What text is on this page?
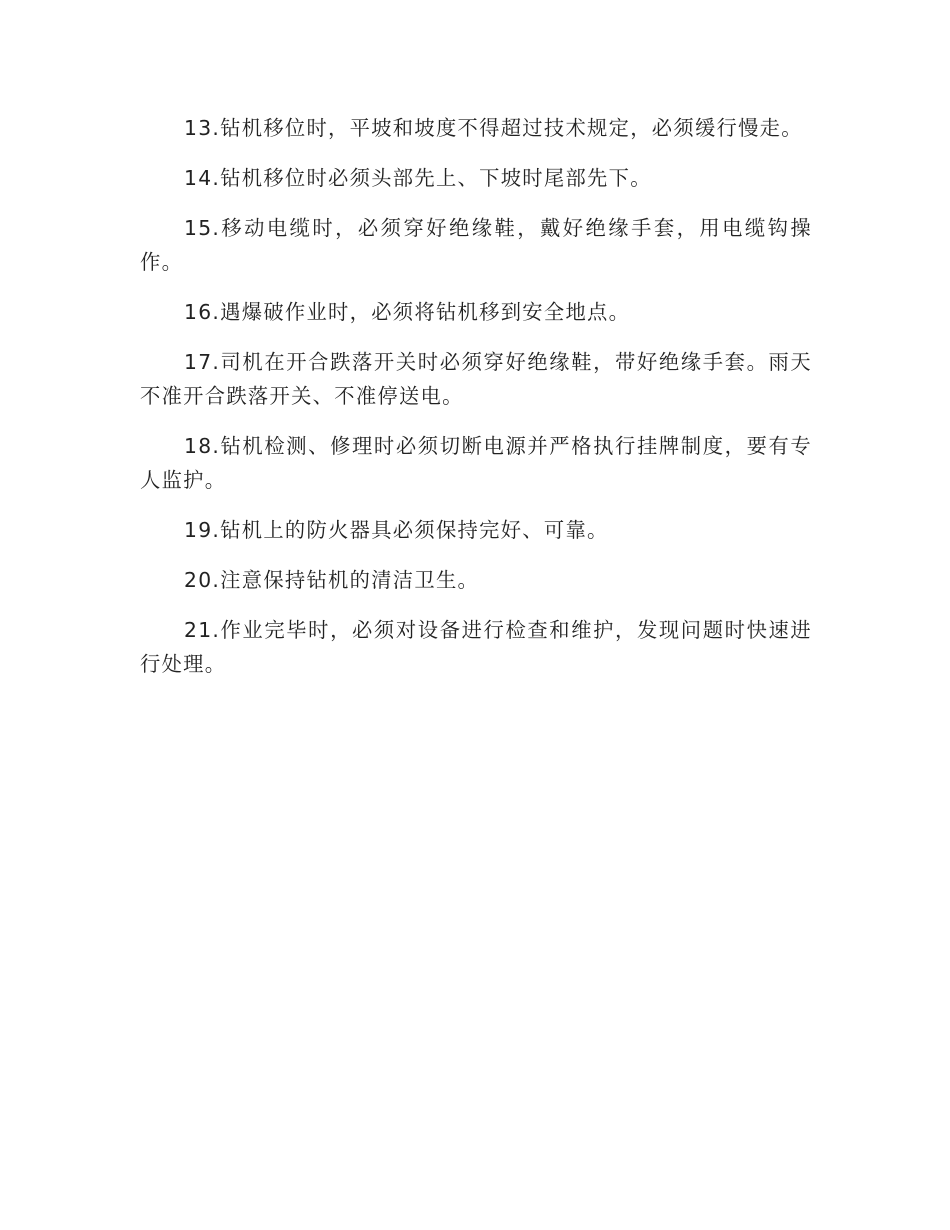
13.钻机移位时，平坡和坡度不得超过技术规定，必须缓行慢走。

14.钻机移位时必须头部先上、下坡时尾部先下。

15.移动电缆时，必须穿好绝缘鞋，戴好绝缘手套，用电缆钩操作。

16.遇爆破作业时，必须将钻机移到安全地点。

17.司机在开合跌落开关时必须穿好绝缘鞋，带好绝缘手套。雨天不准开合跌落开关、不准停送电。

18.钻机检测、修理时必须切断电源并严格执行挂牌制度，要有专人监护。

19.钻机上的防火器具必须保持完好、可靠。

20.注意保持钻机的清洁卫生。

21.作业完毕时，必须对设备进行检查和维护，发现问题时快速进行处理。
